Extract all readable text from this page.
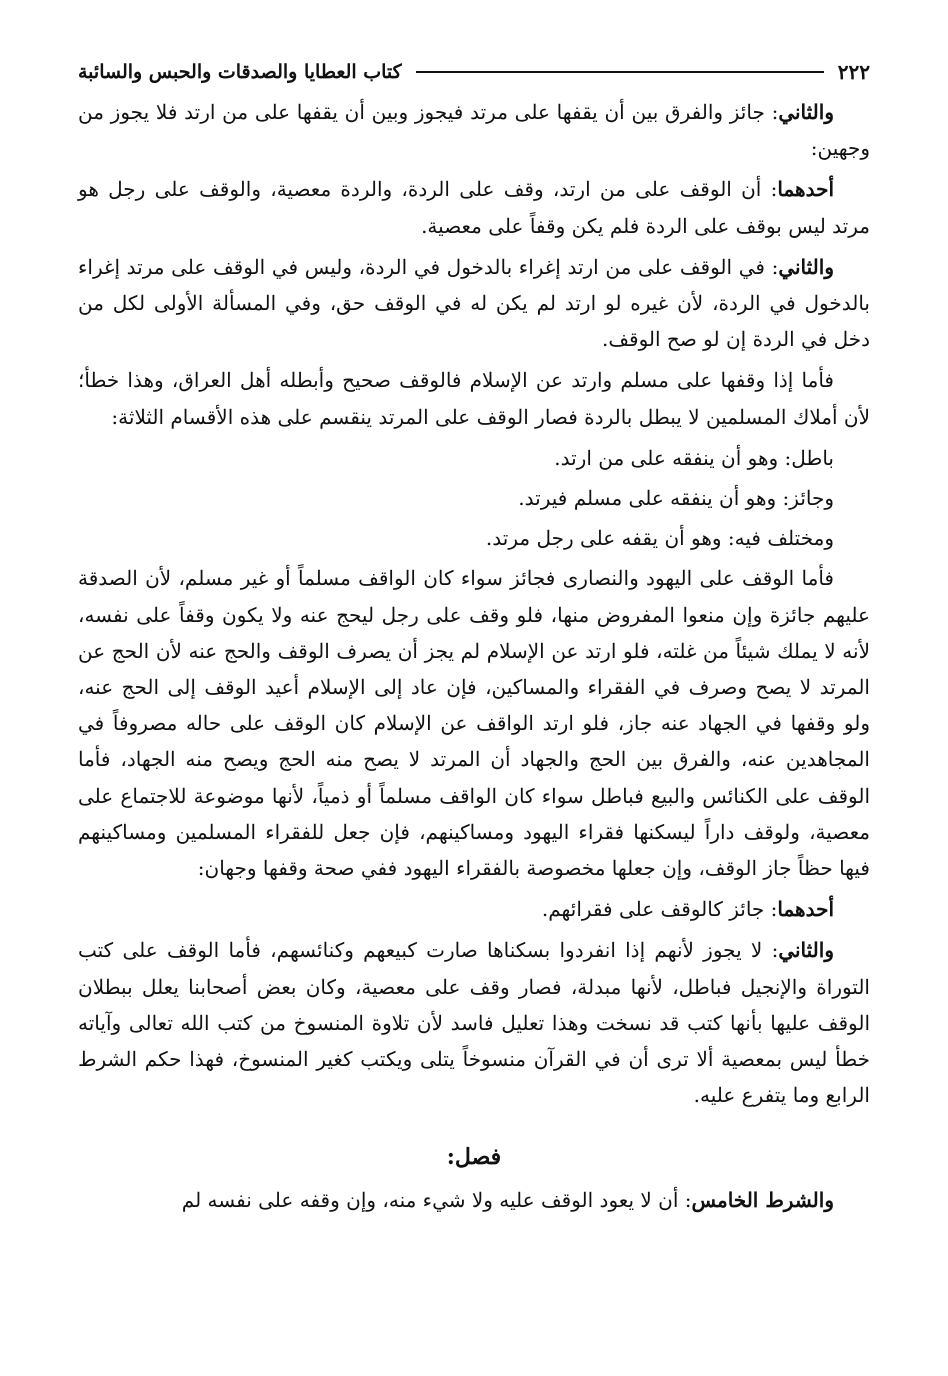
٢٢٢
كتاب العطايا والصدقات والحبس والسائبة

والثاني: جائز والفرق بين أن يقفها على مرتد فيجوز وبين أن يقفها على من ارتد فلا يجوز من وجهين:

أحدهما: أن الوقف على من ارتد، وقف على الردة، والردة معصية، والوقف على رجل هو مرتد ليس بوقف على الردة فلم يكن وقفاً على معصية.

والثاني: في الوقف على من ارتد إغراء بالدخول في الردة، وليس في الوقف على مرتد إغراء بالدخول في الردة، لأن غيره لو ارتد لم يكن له في الوقف حق، وفي المسألة الأولى لكل من دخل في الردة إن لو صح الوقف.

فأما إذا وقفها على مسلم وارتد عن الإسلام فالوقف صحيح وأبطله أهل العراق، وهذا خطأ؛ لأن أملاك المسلمين لا يبطل بالردة فصار الوقف على المرتد ينقسم على هذه الأقسام الثلاثة:

باطل: وهو أن ينفقه على من ارتد.

وجائز: وهو أن ينفقه على مسلم فيرتد.

ومختلف فيه: وهو أن يقفه على رجل مرتد.

فأما الوقف على اليهود والنصارى فجائز سواء كان الواقف مسلماً أو غير مسلم، لأن الصدقة عليهم جائزة وإن منعوا المفروض منها، فلو وقف على رجل ليحج عنه ولا يكون وقفاً على نفسه، لأنه لا يملك شيئاً من غلته، فلو ارتد عن الإسلام لم يجز أن يصرف الوقف والحج عنه لأن الحج عن المرتد لا يصح وصرف في الفقراء والمساكين، فإن عاد إلى الإسلام أعيد الوقف إلى الحج عنه، ولو وقفها في الجهاد عنه جاز، فلو ارتد الواقف عن الإسلام كان الوقف على حاله مصروفاً في المجاهدين عنه، والفرق بين الحج والجهاد أن المرتد لا يصح منه الحج ويصح منه الجهاد، فأما الوقف على الكنائس والبيع فباطل سواء كان الواقف مسلماً أو ذمياً، لأنها موضوعة للاجتماع على معصية، ولوقف داراً ليسكنها فقراء اليهود ومساكينهم، فإن جعل للفقراء المسلمين ومساكينهم فيها حظاً جاز الوقف، وإن جعلها مخصوصة بالفقراء اليهود ففي صحة وقفها وجهان:

أحدهما: جائز كالوقف على فقرائهم.

والثاني: لا يجوز لأنهم إذا انفردوا بسكناها صارت كبيعهم وكنائسهم، فأما الوقف على كتب التوراة والإنجيل فباطل، لأنها مبدلة، فصار وقف على معصية، وكان بعض أصحابنا يعلل ببطلان الوقف عليها بأنها كتب قد نسخت وهذا تعليل فاسد لأن تلاوة المنسوخ من كتب الله تعالى وآياته خطأ ليس بمعصية ألا ترى أن في القرآن منسوخاً يتلى ويكتب كغير المنسوخ، فهذا حكم الشرط الرابع وما يتفرع عليه.

فصل:

والشرط الخامس: أن لا يعود الوقف عليه ولا شيء منه، وإن وقفه على نفسه لم
